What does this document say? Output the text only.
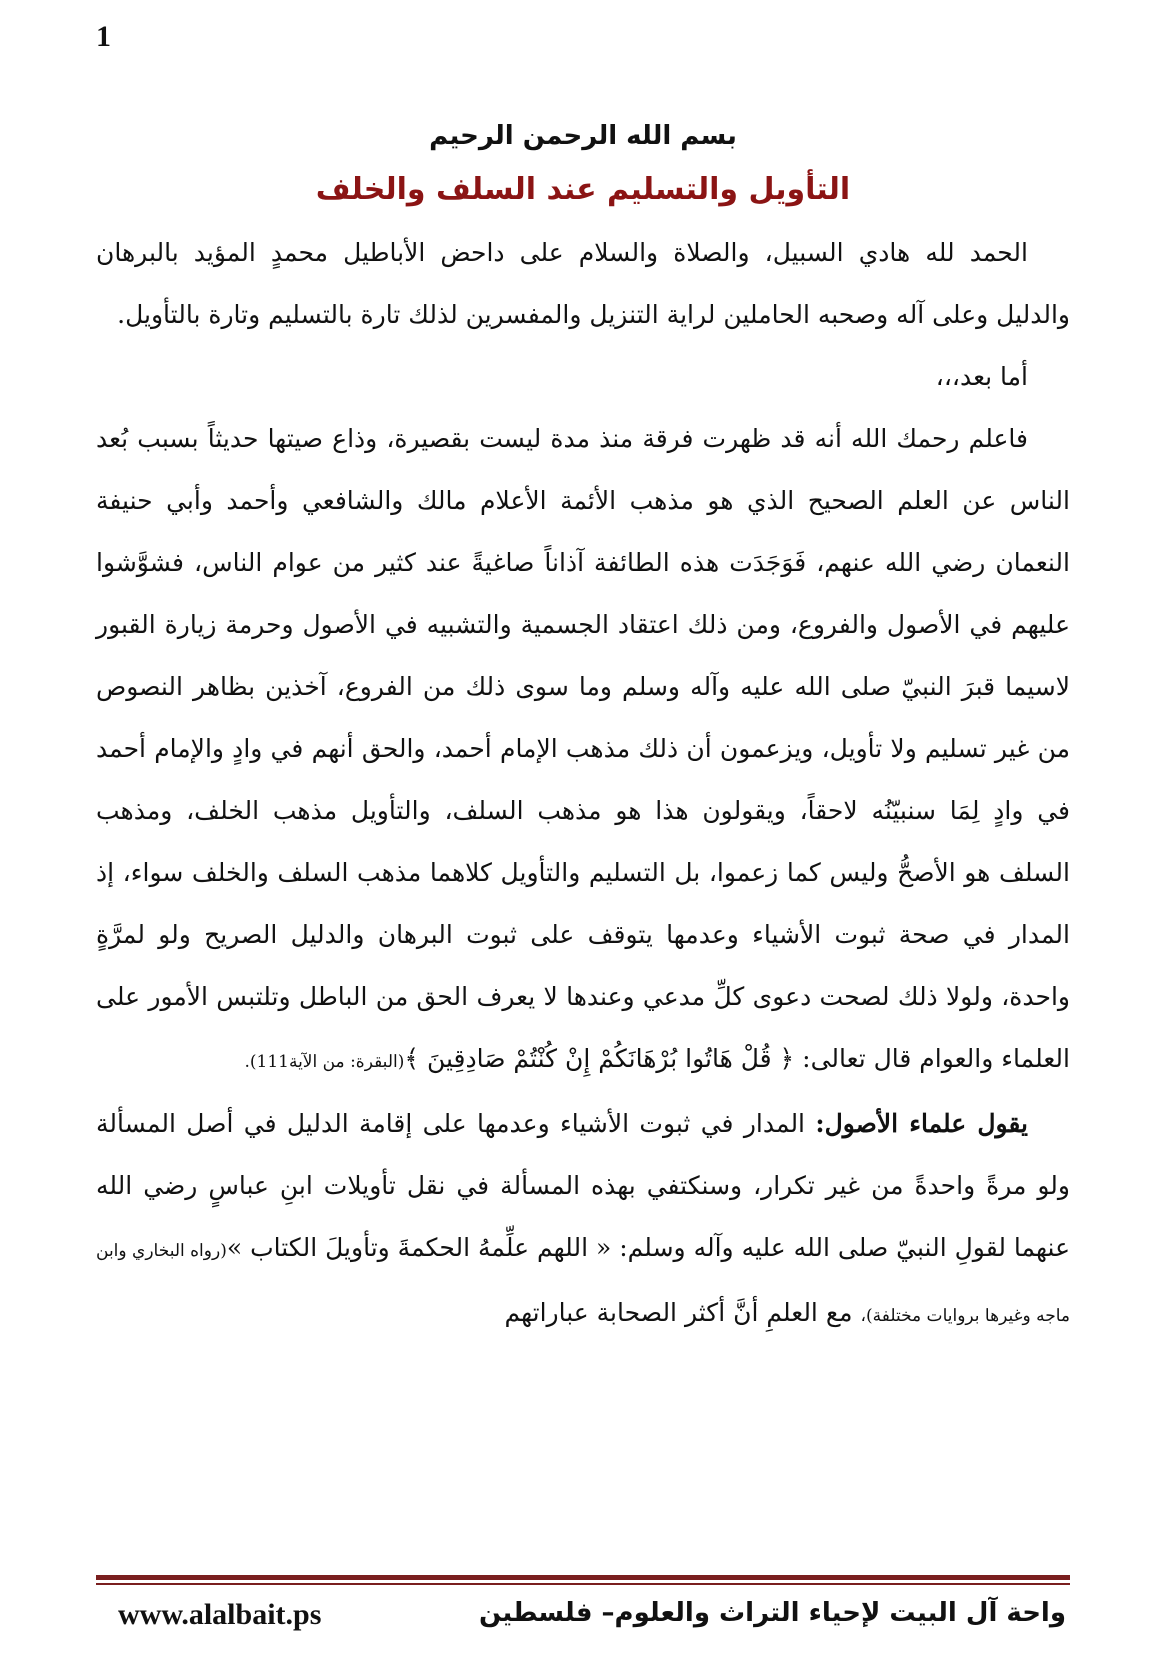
1
بسم الله الرحمن الرحيم
التأويل والتسليم عند السلف والخلف

الحمد لله هادي السبيل، والصلاة والسلام على داحض الأباطيل محمدٍ المؤيد بالبرهان والدليل وعلى آله وصحبه الحاملين لراية التنزيل والمفسرين لذلك تارة بالتسليم وتارة بالتأويل.

أما بعد،،،

فاعلم رحمك الله أنه قد ظهرت فرقة منذ مدة ليست بقصيرة، وذاع صيتها حديثاً بسبب بُعد الناس عن العلم الصحيح الذي هو مذهب الأئمة الأعلام مالك والشافعي وأحمد وأبي حنيفة النعمان رضي الله عنهم، فَوَجَدَت هذه الطائفة آذاناً صاغيةً عند كثير من عوام الناس، فشوَّشوا عليهم في الأصول والفروع، ومن ذلك اعتقاد الجسمية والتشبيه في الأصول وحرمة زيارة القبور لاسيما قبرَ النبيّ صلى الله عليه وآله وسلم وما سوى ذلك من الفروع، آخذين بظاهر النصوص من غير تسليم ولا تأويل، ويزعمون أن ذلك مذهب الإمام أحمد، والحق أنهم في وادٍ والإمام أحمد في وادٍ لِمَا سنبيّنُه لاحقاً، ويقولون هذا هو مذهب السلف، والتأويل مذهب الخلف، ومذهب السلف هو الأصحُّ وليس كما زعموا، بل التسليم والتأويل كلاهما مذهب السلف والخلف سواء، إذ المدار في صحة ثبوت الأشياء وعدمها يتوقف على ثبوت البرهان والدليل الصريح ولو لمرَّةٍ واحدة، ولولا ذلك لصحت دعوى كلِّ مدعي وعندها لا يعرف الحق من الباطل وتلتبس الأمور على العلماء والعوام قال تعالى: ﴿ قُلْ هَاتُوا بُرْهَانَكُمْ إِنْ كُنْتُمْ صَادِقِينَ ﴾(البقرة: من الآية111).

يقول علماء الأصول: المدار في ثبوت الأشياء وعدمها على إقامة الدليل في أصل المسألة ولو مرةً واحدةً من غير تكرار، وسنكتفي بهذه المسألة في نقل تأويلات ابنِ عباسٍ رضي الله عنهما لقولِ النبيّ صلى الله عليه وآله وسلم: « اللهم علِّمهُ الحكمةَ وتأويلَ الكتاب »(رواه البخاري وابن ماجه وغيرها بروايات مختلفة)، مع العلمِ أنَّ أكثر الصحابة عباراتهم

www.alalbait.ps	واحة آل البيت لإحياء التراث والعلوم– فلسطين
